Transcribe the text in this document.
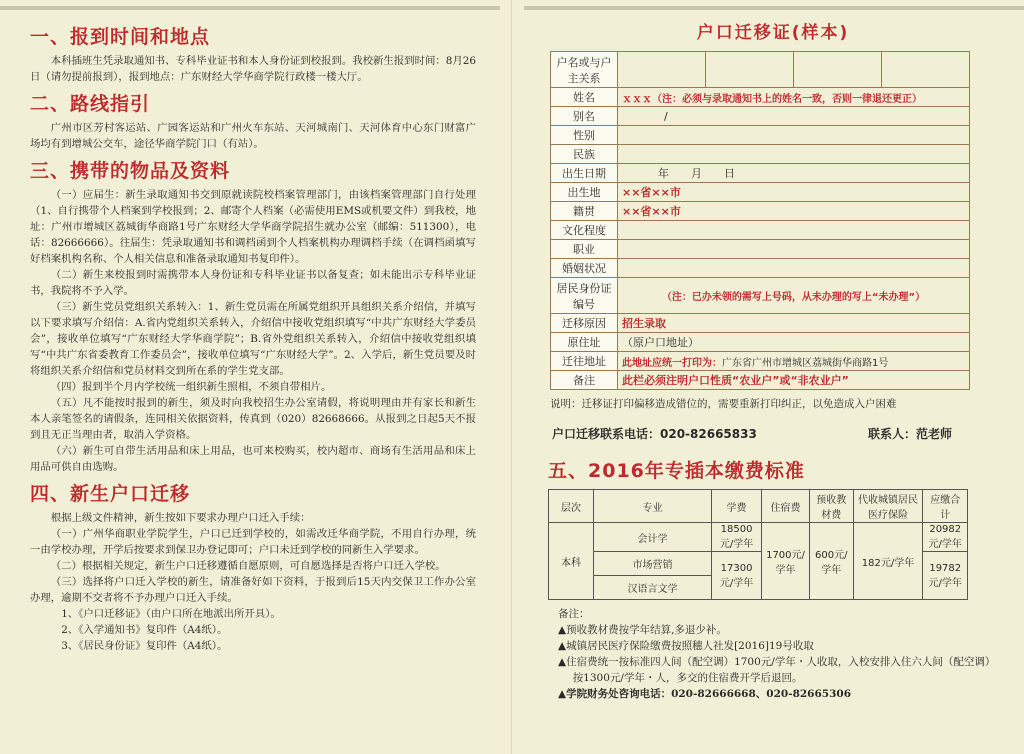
一、报到时间和地点

本科插班生凭录取通知书、专科毕业证书和本人身份证到校报到。我校新生报到时间：8月26日（请勿提前报到），报到地点：广东财经大学华商学院行政楼一楼大厅。

二、路线指引

广州市区芳村客运站、广园客运站和广州火车东站、天河城南门、天河体育中心东门财富广场均有到增城公交车，途径华商学院门口（有站）。

三、携带的物品及资料

（一）应届生：新生录取通知书交到原就读院校档案管理部门，由该档案管理部门自行处理（1、自行携带个人档案到学校报到；2、邮寄个人档案（必需使用EMS或机要文件）到我校，地址：广州市增城区荔城街华商路1号广东财经大学华商学院招生就办公室（邮编：511300），电话：82666666）。往届生：凭录取通知书和调档函到个人档案机构办理调档手续（在调档函填写好档案机构名称、个人相关信息和准备录取通知书复印件）。

（二）新生来校报到时需携带本人身份证和专科毕业证书以备复查；如未能出示专科毕业证书，我院将不予入学。

（三）新生党员党组织关系转入：1、新生党员需在所属党组织开具组织关系介绍信，并填写以下要求填写介绍信：A.省内党组织关系转入，介绍信中接收党组织填写“中共广东财经大学委员会”，接收单位填写“广东财经大学华商学院”；B.省外党组织关系转入，介绍信中接收党组织填写“中共广东省委教育工作委员会”，接收单位填写“广东财经大学”。2、入学后，新生党员要及时将组织关系介绍信和党员材料交到所在系的学生党支部。

（四）报到半个月内学校统一组织新生照相，不须自带相片。

（五）凡不能按时报到的新生，须及时向我校招生办公室请假，将说明理由并有家长和新生本人亲笔签名的请假条，连同相关依据资料，传真到（020）82668666。从报到之日起5天不报到且无正当理由者，取消入学资格。

（六）新生可自带生活用品和床上用品，也可来校购买，校内超市、商场有生活用品和床上用品可供自由选购。

四、新生户口迁移

根据上级文件精神，新生按如下要求办理户口迁入手续：

（一）广州华商职业学院学生，户口已迁到学校的，如需改迁华商学院，不用自行办理，统一由学校办理，开学后按要求到保卫办登记即可；户口未迁到学校的同新生入学要求。

（二）根据相关规定，新生户口迁移遵循自愿原则，可自愿选择是否将户口迁入学校。

（三）选择将户口迁入学校的新生，请准备好如下资料，于报到后15天内交保卫工作办公室办理，逾期不交者将不予办理户口迁入手续。

1、《户口迁移证》（由户口所在地派出所开具）。

2、《入学通知书》复印件（A4纸）。

3、《居民身份证》复印件（A4纸）。

户口迁移证(样本)
户名或与户主关系				
姓名	ｘｘｘ（注：必须与录取通知书上的姓名一致，否则一律退还更正）			
别名	/			
性别				
民族				
出生日期	年　　月　　日			
出生地	××省××市			
籍贯	××省××市			
文化程度				
职业				
婚姻状况				
居民身份证编号	（注：已办未领的需写上号码，从未办理的写上“未办理”）			
迁移原因	招生录取			
原住址	（原户口地址）			
迁往地址	此地址应统一打印为：广东省广州市增城区荔城街华商路1号			
备注	此栏必须注明户口性质“农业户”或“非农业户”			
说明：迁移证打印偏移造成错位的，需要重新打印纠正，以免造成入户困难
户口迁移联系电话：020-82665833	联系人：范老师
五、2016年专插本缴费标准
层次	专业	学费	住宿费	预收教材费	代收城镇居民医疗保险	应缴合计
本科	会计学	18500元/学年	1700元/学年	600元/学年	182元/学年	20982元/学年
	市场营销	17300元/学年				19782元/学年
	汉语言文学					
备注：
▲预收教材费按学年结算,多退少补。
▲城镇居民医疗保险缴费按照穗人社发[2016]19号收取
▲住宿费统一按标准四人间（配空调）1700元/学年・人收取，入校安排入住六人间（配空调）按1300元/学年・人，多交的住宿费开学后退回。
▲学院财务处咨询电话：020-82666668、020-82665306
